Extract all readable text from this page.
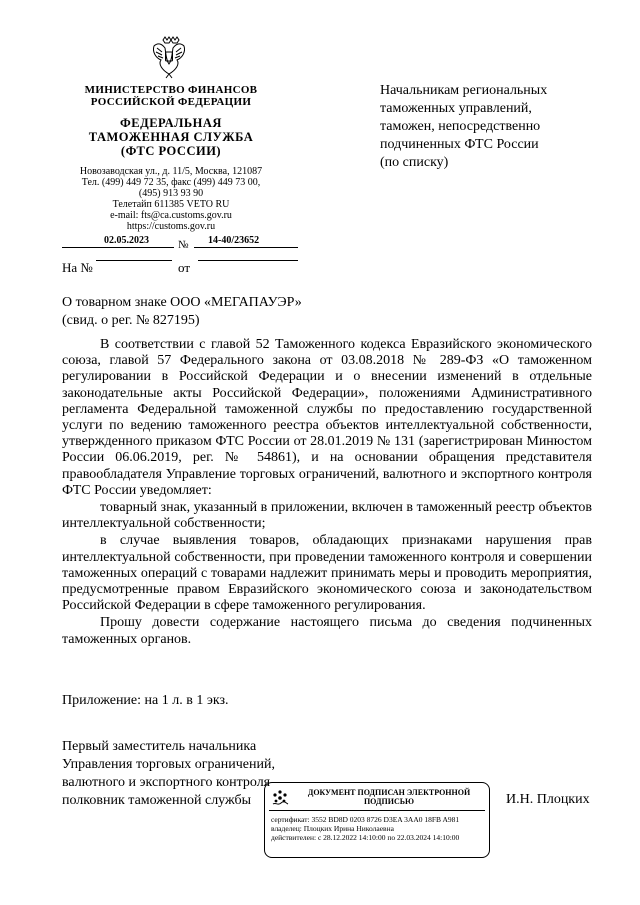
МИНИСТЕРСТВО ФИНАНСОВ
РОССИЙСКОЙ ФЕДЕРАЦИИ
ФЕДЕРАЛЬНАЯ
ТАМОЖЕННАЯ СЛУЖБА
(ФТС РОССИИ)
Новозаводская ул., д. 11/5, Москва, 121087
Тел. (499) 449 72 35, факс (499) 449 73 00,
(495) 913 93 90
Телетайп 611385 VETO RU
e-mail: fts@ca.customs.gov.ru
https://customs.gov.ru
02.05.2023	№ 14-40/23652
На №	от
Начальникам региональных
таможенных управлений,
таможен, непосредственно
подчиненных ФТС России
(по списку)
О товарном знаке ООО «МЕГАПАУЭР»
(свид. о рег. № 827195)

В соответствии с главой 52 Таможенного кодекса Евразийского экономического союза, главой 57 Федерального закона от 03.08.2018 № 289-ФЗ «О таможенном регулировании в Российской Федерации и о внесении изменений в отдельные законодательные акты Российской Федерации», положениями Административного регламента Федеральной таможенной службы по предоставлению государственной услуги по ведению таможенного реестра объектов интеллектуальной собственности, утвержденного приказом ФТС России от 28.01.2019 № 131 (зарегистрирован Минюстом России 06.06.2019, рег. № 54861), и на основании обращения представителя правообладателя Управление торговых ограничений, валютного и экспортного контроля ФТС России уведомляет:

товарный знак, указанный в приложении, включен в таможенный реестр объектов интеллектуальной собственности;

в случае выявления товаров, обладающих признаками нарушения прав интеллектуальной собственности, при проведении таможенного контроля и совершении таможенных операций с товарами надлежит принимать меры и проводить мероприятия, предусмотренные правом Евразийского экономического союза и законодательством Российской Федерации в сфере таможенного регулирования.

Прошу довести содержание настоящего письма до сведения подчиненных таможенных органов.

Приложение: на 1 л. в 1 экз.
Первый заместитель начальника
Управления торговых ограничений,
валютного и экспортного контроля
полковник таможенной службы
ДОКУМЕНТ ПОДПИСАН ЭЛЕКТРОННОЙ
ПОДПИСЬЮ
сертификат: 3552 BD8D 0203 8726 D3EA 3AA0 18FB A981
владелец: Плоцких Ирина Николаевна
действителен: с 28.12.2022 14:10:00 по 22.03.2024 14:10:00
И.Н. Плоцких
